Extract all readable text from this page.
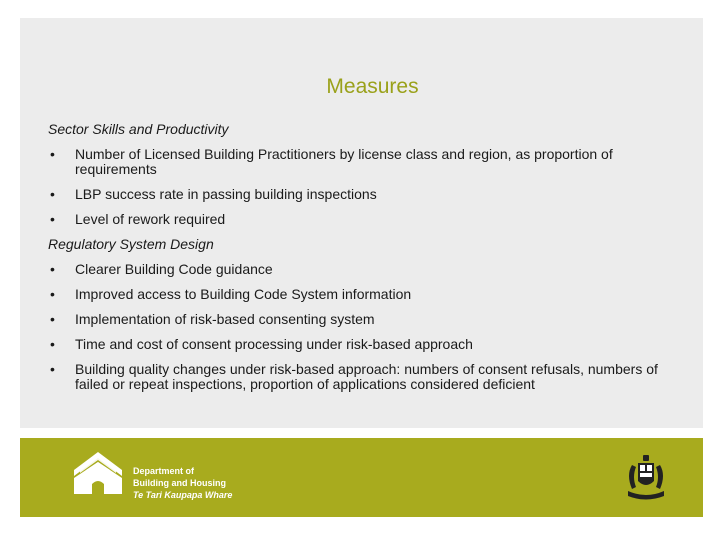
Measures
Sector Skills and Productivity
•	Number of Licensed Building Practitioners by license class and region, as proportion of requirements
•	LBP success rate in passing building inspections
•	Level of rework required
Regulatory System Design
•	Clearer Building Code guidance
•	Improved access to Building Code System information
•	Implementation of risk-based consenting system
•	Time and cost of consent processing under risk-based approach
•	Building quality changes under risk-based approach: numbers of consent refusals, numbers of failed or repeat inspections, proportion of applications considered deficient
Department of
Building and Housing
Te Tari Kaupapa Whare
